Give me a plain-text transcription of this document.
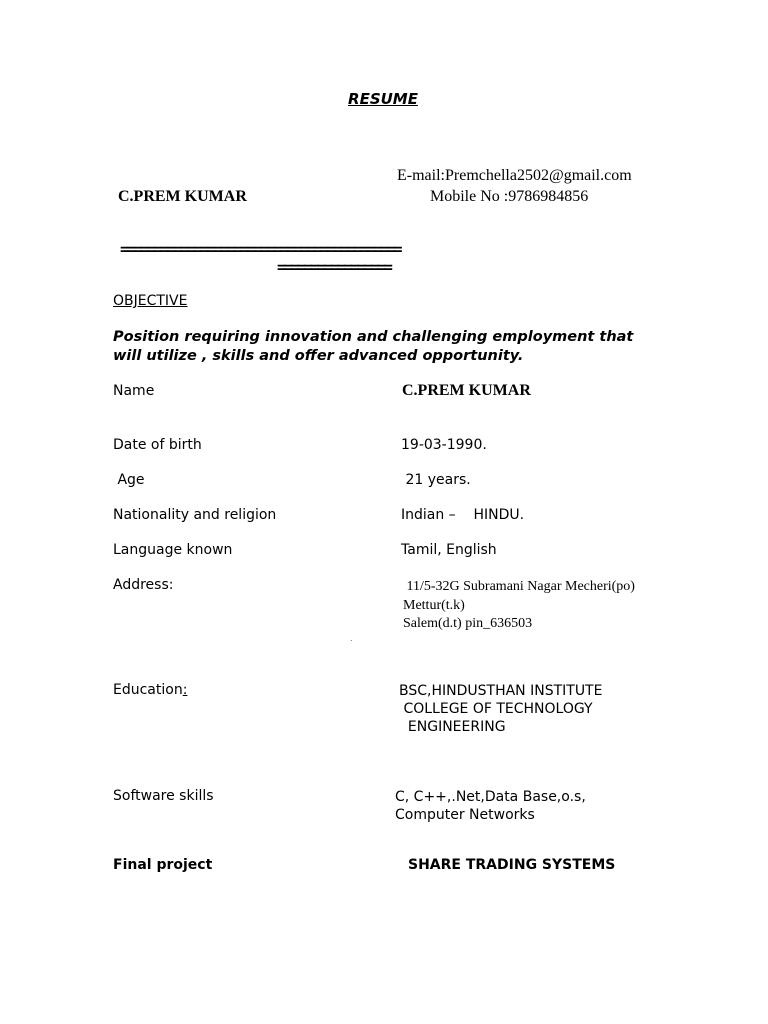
RESUME
E-mail:Premchella2502@gmail.com
C.PREM KUMAR	Mobile No :9786984856
==========================================
=================
OBJECTIVE
Position requiring innovation and challenging employment that
will utilize , skills and offer advanced opportunity.
Name	C.PREM KUMAR
Date of birth	19-03-1990.
Age	21 years.
Nationality and religion	Indian –    HINDU.
Language known	Tamil, English
Address:	11/5-32G Subramani Nagar Mecheri(po)
Mettur(t.k)
Salem(d.t) pin_636503
.
Education:	BSC,HINDUSTHAN INSTITUTE
COLLEGE OF TECHNOLOGY
ENGINEERING
Software skills	C, C++,.Net,Data Base,o.s,
Computer Networks
Final project	SHARE TRADING SYSTEMS
